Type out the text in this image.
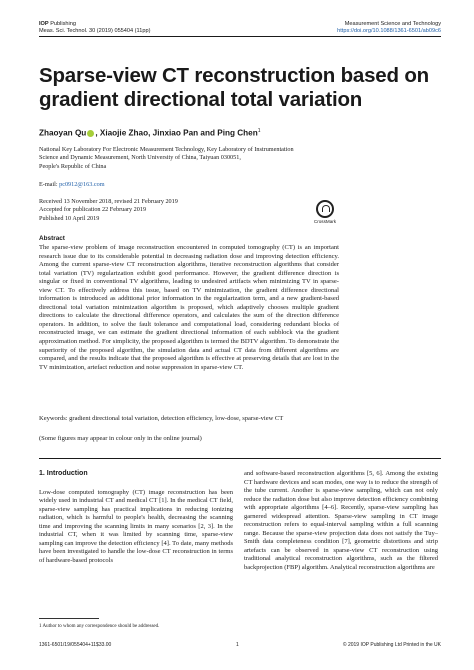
IOP Publishing
Meas. Sci. Technol. 30 (2019) 055404 (11pp)
Measurement Science and Technology
https://doi.org/10.1088/1361-6501/ab09c6
Sparse-view CT reconstruction based on gradient directional total variation
Zhaoyan Qu , Xiaojie Zhao, Jinxiao Pan and Ping Chen$^1$
National Key Laboratory For Electronic Measurement Technology, Key Laboratory of Instrumentation
Science and Dynamic Measurement, North University of China, Taiyuan 030051,
People's Republic of China
E-mail: pc0912@163.com
Received 13 November 2018, revised 21 February 2019
Accepted for publication 22 February 2019
Published 10 April 2019	CrossMark
Abstract

The sparse-view problem of image reconstruction encountered in computed tomography (CT) is an important research issue due to its considerable potential in decreasing radiation dose and improving detection efficiency. Among the current sparse-view CT reconstruction algorithms, iterative reconstruction algorithms that consider total variation (TV) regularization exhibit good performance. However, the gradient difference direction is singular or fixed in conventional TV algorithms, leading to undesired artifacts when minimizing TV in sparse-view CT. To effectively address this issue, based on TV minimization, the gradient difference directional information is introduced as additional prior information in the regularization term, and a new gradient-based directional total variation minimization algorithm is proposed, which adaptively chooses multiple gradient directions to calculate the directional difference operators, and calculates the sum of the direction difference operators. In addition, to solve the fault tolerance and computational load, considering redundant blocks of reconstructed image, we can estimate the gradient directional information of each subblock via the gradient approximation method. For simplicity, the proposed algorithm is termed the BDTV algorithm. To demonstrate the superiority of the proposed algorithm, the simulation data and actual CT data from different algorithms are compared, and the results indicate that the proposed algorithm is effective at preserving details that are lost in the TV minimization, artefact reduction and noise suppression in sparse-view CT.

Keywords: gradient directional total variation, detection efficiency, low-dose, sparse-view CT
(Some figures may appear in colour only in the online journal)

1. Introduction

Low-dose computed tomography (CT) image reconstruction has been widely used in industrial CT and medical CT [1]. In the medical CT field, sparse-view sampling has practical implications in reducing ionizing radiation, which is harmful to people's health, decreasing the scanning time and improving the scanning limits in many scenarios [2, 3]. In the industrial CT, when it was limited by scanning time, sparse-view sampling can improve the detection efficiency [4]. To date, many methods have been investigated to handle the low-dose CT reconstruction in terms of hardware-based protocols

and software-based reconstruction algorithms [5, 6]. Among the existing CT hardware devices and scan modes, one way is to reduce the strength of the tube current. Another is sparse-view sampling, which can not only reduce the radiation dose but also improve detection efficiency combining with appropriate algorithms [4–6]. Recently, sparse-view sampling has garnered widespread attention. Sparse-view sampling in CT image reconstruction refers to equal-interval sampling within a full scanning range. Because the sparse-view projection data does not satisfy the Tuy–Smith data completeness condition [7], geometric distortions and strip artefacts can be observed in sparse-view CT reconstruction using traditional analytical reconstruction algorithms, such as the filtered backprojection (FBP) algorithm. Analytical reconstruction algorithms are

1 Author to whom any correspondence should be addressed.
1361-6501/19/055404+11$33.00	1	© 2019 IOP Publishing Ltd Printed in the UK
